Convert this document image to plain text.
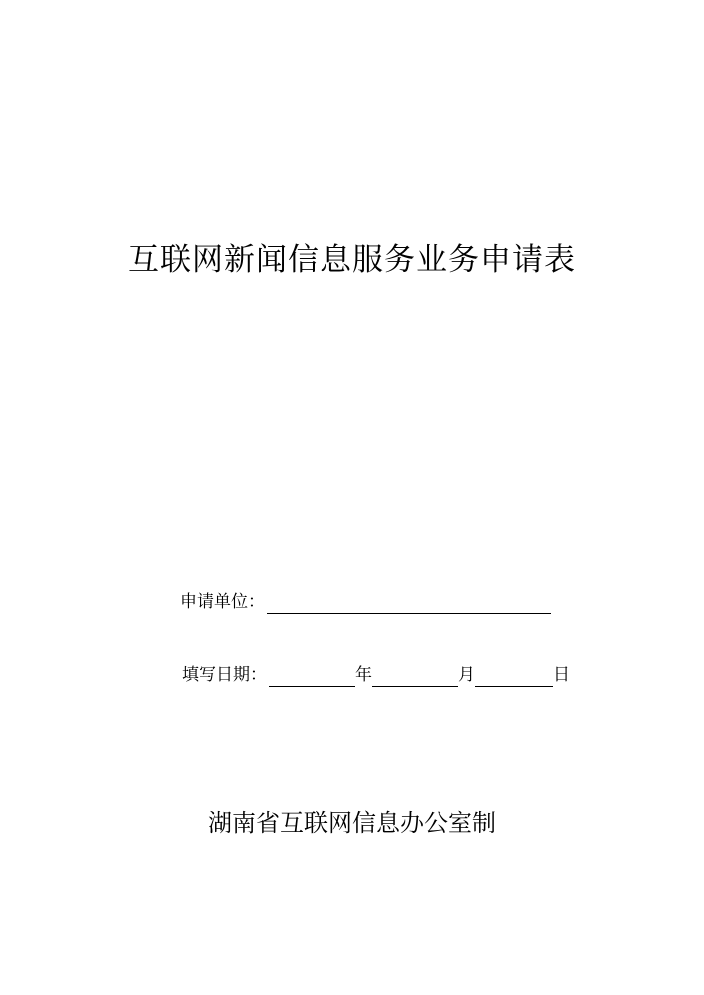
互联网新闻信息服务业务申请表
申请单位：
填写日期：	年	月	日
湖南省互联网信息办公室制
